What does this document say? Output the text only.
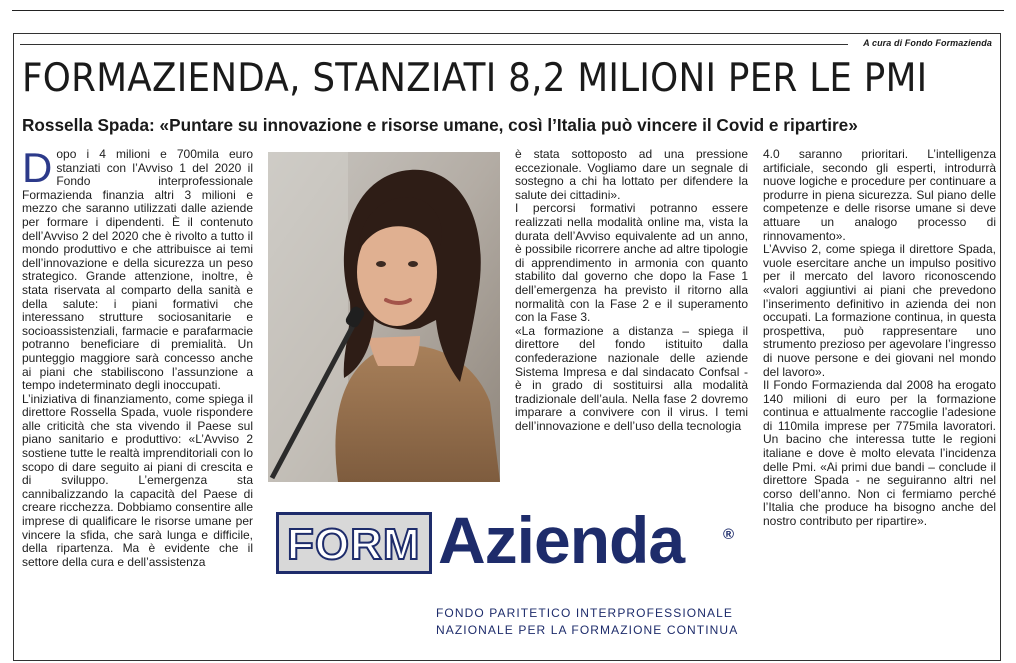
A cura di Fondo Formazienda
FORMAZIENDA, STANZIATI 8,2 MILIONI PER LE PMI
Rossella Spada: «Puntare su innovazione e risorse umane, così l’Italia può vincere il Covid e ripartire»

Dopo i 4 milioni e 700mila euro stanziati con l’Avviso 1 del 2020 il Fondo interprofessionale Formazienda finanzia altri 3 milioni e mezzo che saranno utilizzati dalle aziende per formare i dipendenti. È il contenuto dell’Avviso 2 del 2020 che è rivolto a tutto il mondo produttivo e che attribuisce ai temi dell’innovazione e della sicurezza un peso strategico. Grande attenzione, inoltre, è stata riservata al comparto della sanità e della salute: i piani formativi che interessano strutture sociosanitarie e socioassistenziali, farmacie e parafarmacie potranno beneficiare di premialità. Un punteggio maggiore sarà concesso anche ai piani che stabiliscono l’assunzione a tempo indeterminato degli inoccupati.

L’iniziativa di finanziamento, come spiega il direttore Rossella Spada, vuole rispondere alle criticità che sta vivendo il Paese sul piano sanitario e produttivo: «L’Avviso 2 sostiene tutte le realtà imprenditoriali con lo scopo di dare seguito ai piani di crescita e di sviluppo. L’emergenza sta cannibalizzando la capacità del Paese di creare ricchezza. Dobbiamo consentire alle imprese di qualificare le risorse umane per vincere la sfida, che sarà lunga e difficile, della ripartenza. Ma è evidente che il settore della cura e dell’assistenza

è stata sottoposto ad una pressione eccezionale. Vogliamo dare un segnale di sostegno a chi ha lottato per difendere la salute dei cittadini».

I percorsi formativi potranno essere realizzati nella modalità online ma, vista la durata dell’Avviso equivalente ad un anno, è possibile ricorrere anche ad altre tipologie di apprendimento in armonia con quanto stabilito dal governo che dopo la Fase 1 dell’emergenza ha previsto il ritorno alla normalità con la Fase 2 e il superamento con la Fase 3.

«La formazione a distanza – spiega il direttore del fondo istituito dalla confederazione nazionale delle aziende Sistema Impresa e dal sindacato Confsal - è in grado di sostituirsi alla modalità tradizionale dell’aula. Nella fase 2 dovremo imparare a convivere con il virus. I temi dell’innovazione e dell’uso della tecnologia

4.0 saranno prioritari. L’intelligenza artificiale, secondo gli esperti, introdurrà nuove logiche e procedure per continuare a produrre in piena sicurezza. Sul piano delle competenze e delle risorse umane si deve attuare un analogo processo di rinnovamento».

L’Avviso 2, come spiega il direttore Spada, vuole esercitare anche un impulso positivo per il mercato del lavoro riconoscendo «valori aggiuntivi ai piani che prevedono l’inserimento definitivo in azienda dei non occupati. La formazione continua, in questa prospettiva, può rappresentare uno strumento prezioso per agevolare l’ingresso di nuove persone e dei giovani nel mondo del lavoro».

Il Fondo Formazienda dal 2008 ha erogato 140 milioni di euro per la formazione continua e attualmente raccoglie l’adesione di 110mila imprese per 775mila lavoratori. Un bacino che interessa tutte le regioni italiane e dove è molto elevata l’incidenza delle Pmi. «Ai primi due bandi – conclude il direttore Spada - ne seguiranno altri nel corso dell’anno. Non ci fermiamo perché l’Italia che produce ha bisogno anche del nostro contributo per ripartire».

FORM Azienda	®
FONDO PARITETICO INTERPROFESSIONALE
NAZIONALE PER LA FORMAZIONE CONTINUA
